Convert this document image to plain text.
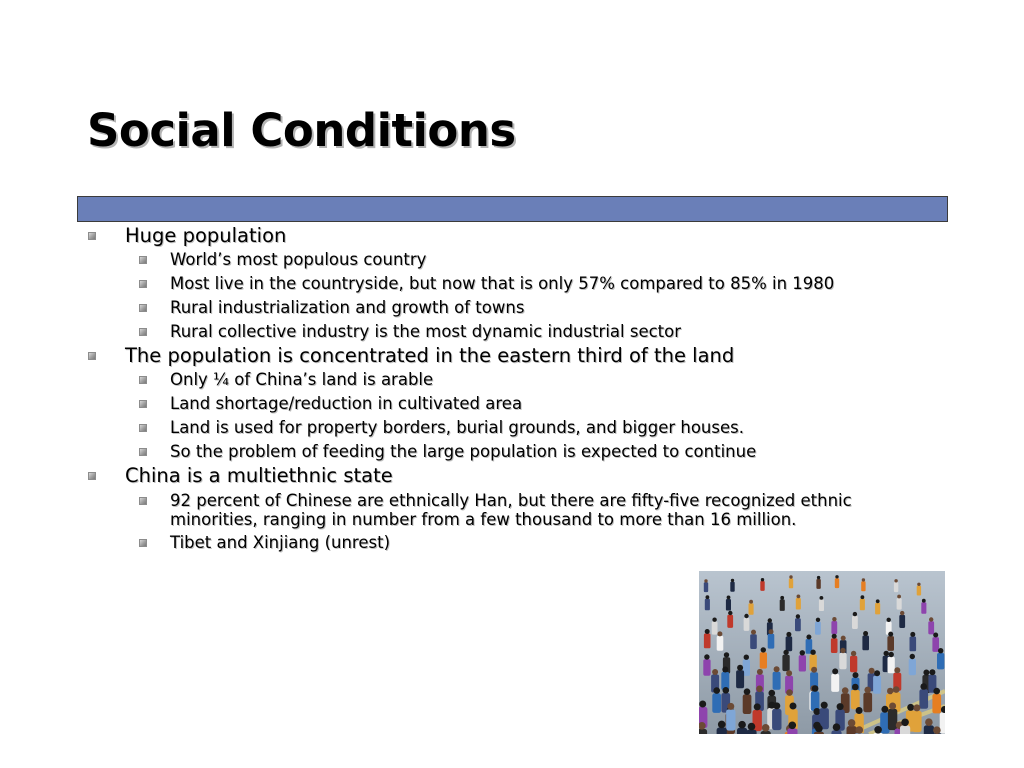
Social Conditions
Huge population
World’s most populous country
Most live in the countryside, but now that is only 57% compared to 85% in 1980
Rural industrialization and growth of towns
Rural collective industry is the most dynamic industrial sector
The population is concentrated in the eastern third of the land
Only ¼ of China’s land is arable
Land shortage/reduction in cultivated area
Land is used for property borders, burial grounds, and bigger houses.
So the problem of feeding the large population is expected to continue
China is a multiethnic state
92 percent of Chinese are ethnically Han, but there are fifty-five recognized ethnic minorities, ranging in number from a few thousand to more than 16 million.
Tibet and Xinjiang (unrest)
